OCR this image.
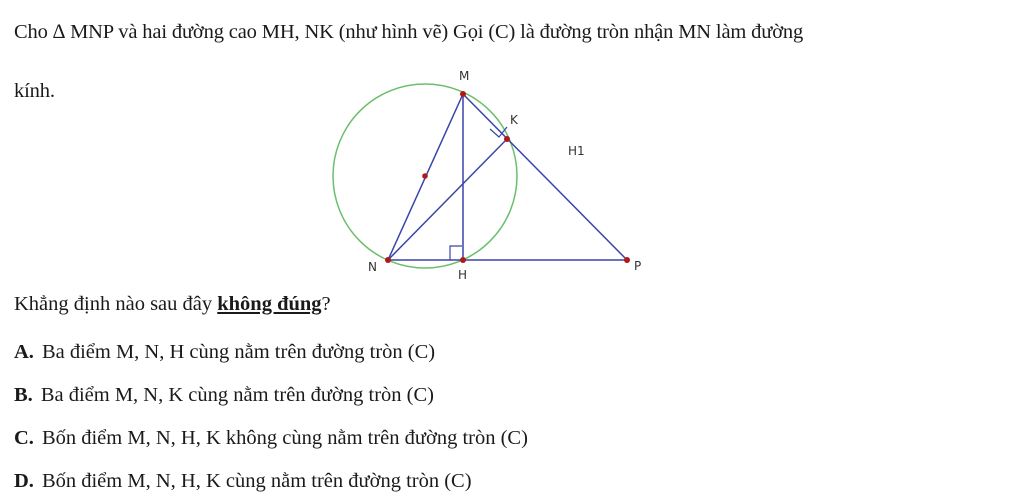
Cho ∆ MNP và hai đường cao MH, NK (như hình vẽ) Gọi (C) là đường tròn nhận MN làm đường
kính.
M
K
H1
N
H
P
Khẳng định nào sau đây không đúng?
A. Ba điểm M, N, H cùng nằm trên đường tròn (C)
B. Ba điểm M, N, K cùng nằm trên đường tròn (C)
C. Bốn điểm M, N, H, K không cùng nằm trên đường tròn (C)
D. Bốn điểm M, N, H, K cùng nằm trên đường tròn (C)
